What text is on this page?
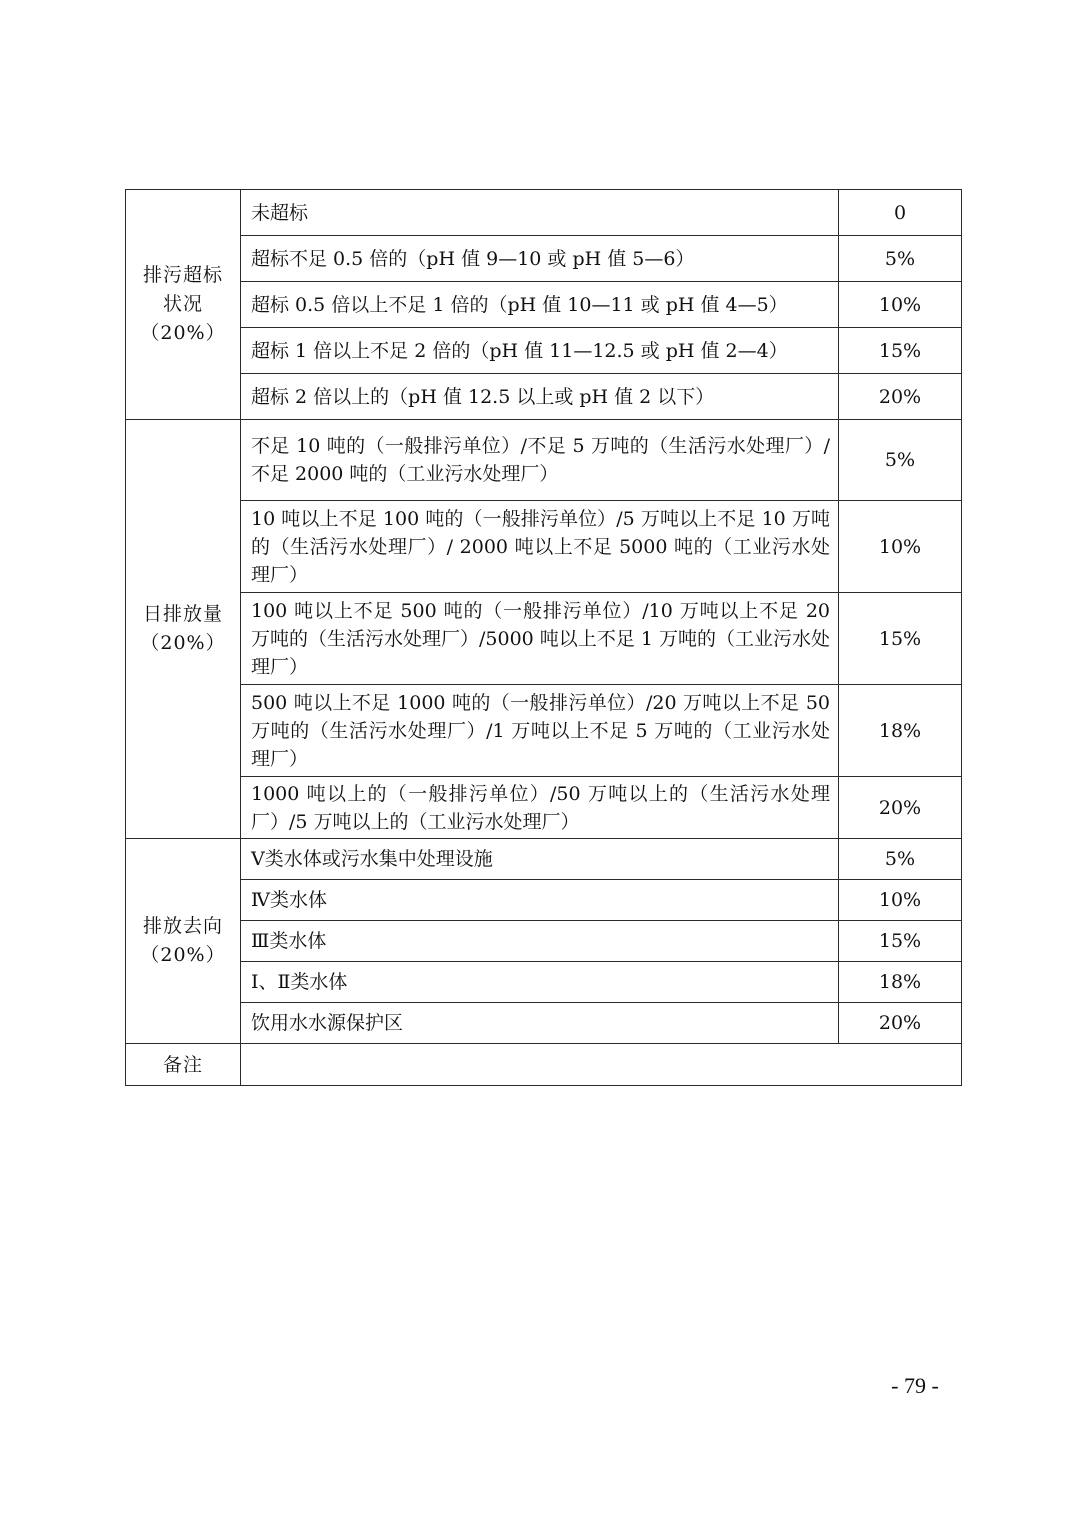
排污超标
状况
（20%）	未超标	0
	超标不足 0.5 倍的（pH 值 9—10 或 pH 值 5—6）	5%
	超标 0.5 倍以上不足 1 倍的（pH 值 10—11 或 pH 值 4—5）	10%
	超标 1 倍以上不足 2 倍的（pH 值 11—12.5 或 pH 值 2—4）	15%
	超标 2 倍以上的（pH 值 12.5 以上或 pH 值 2 以下）	20%

日排放量
（20%）	不足 10 吨的（一般排污单位）/不足 5 万吨的（生活污水处理厂）/不足 2000 吨的（工业污水处理厂）	5%
	10 吨以上不足 100 吨的（一般排污单位）/5 万吨以上不足 10 万吨的（生活污水处理厂）/ 2000 吨以上不足 5000 吨的（工业污水处理厂）	10%
	100 吨以上不足 500 吨的（一般排污单位）/10 万吨以上不足 20 万吨的（生活污水处理厂）/5000 吨以上不足 1 万吨的（工业污水处理厂）	15%
	500 吨以上不足 1000 吨的（一般排污单位）/20 万吨以上不足 50 万吨的（生活污水处理厂）/1 万吨以上不足 5 万吨的（工业污水处理厂）	18%
	1000 吨以上的（一般排污单位）/50 万吨以上的（生活污水处理厂）/5 万吨以上的（工业污水处理厂）	20%

排放去向
（20%）	Ⅴ类水体或污水集中处理设施	5%
	Ⅳ类水体	10%
	Ⅲ类水体	15%
	Ⅰ、Ⅱ类水体	18%
	饮用水水源保护区	20%
备注		
- 79 -
